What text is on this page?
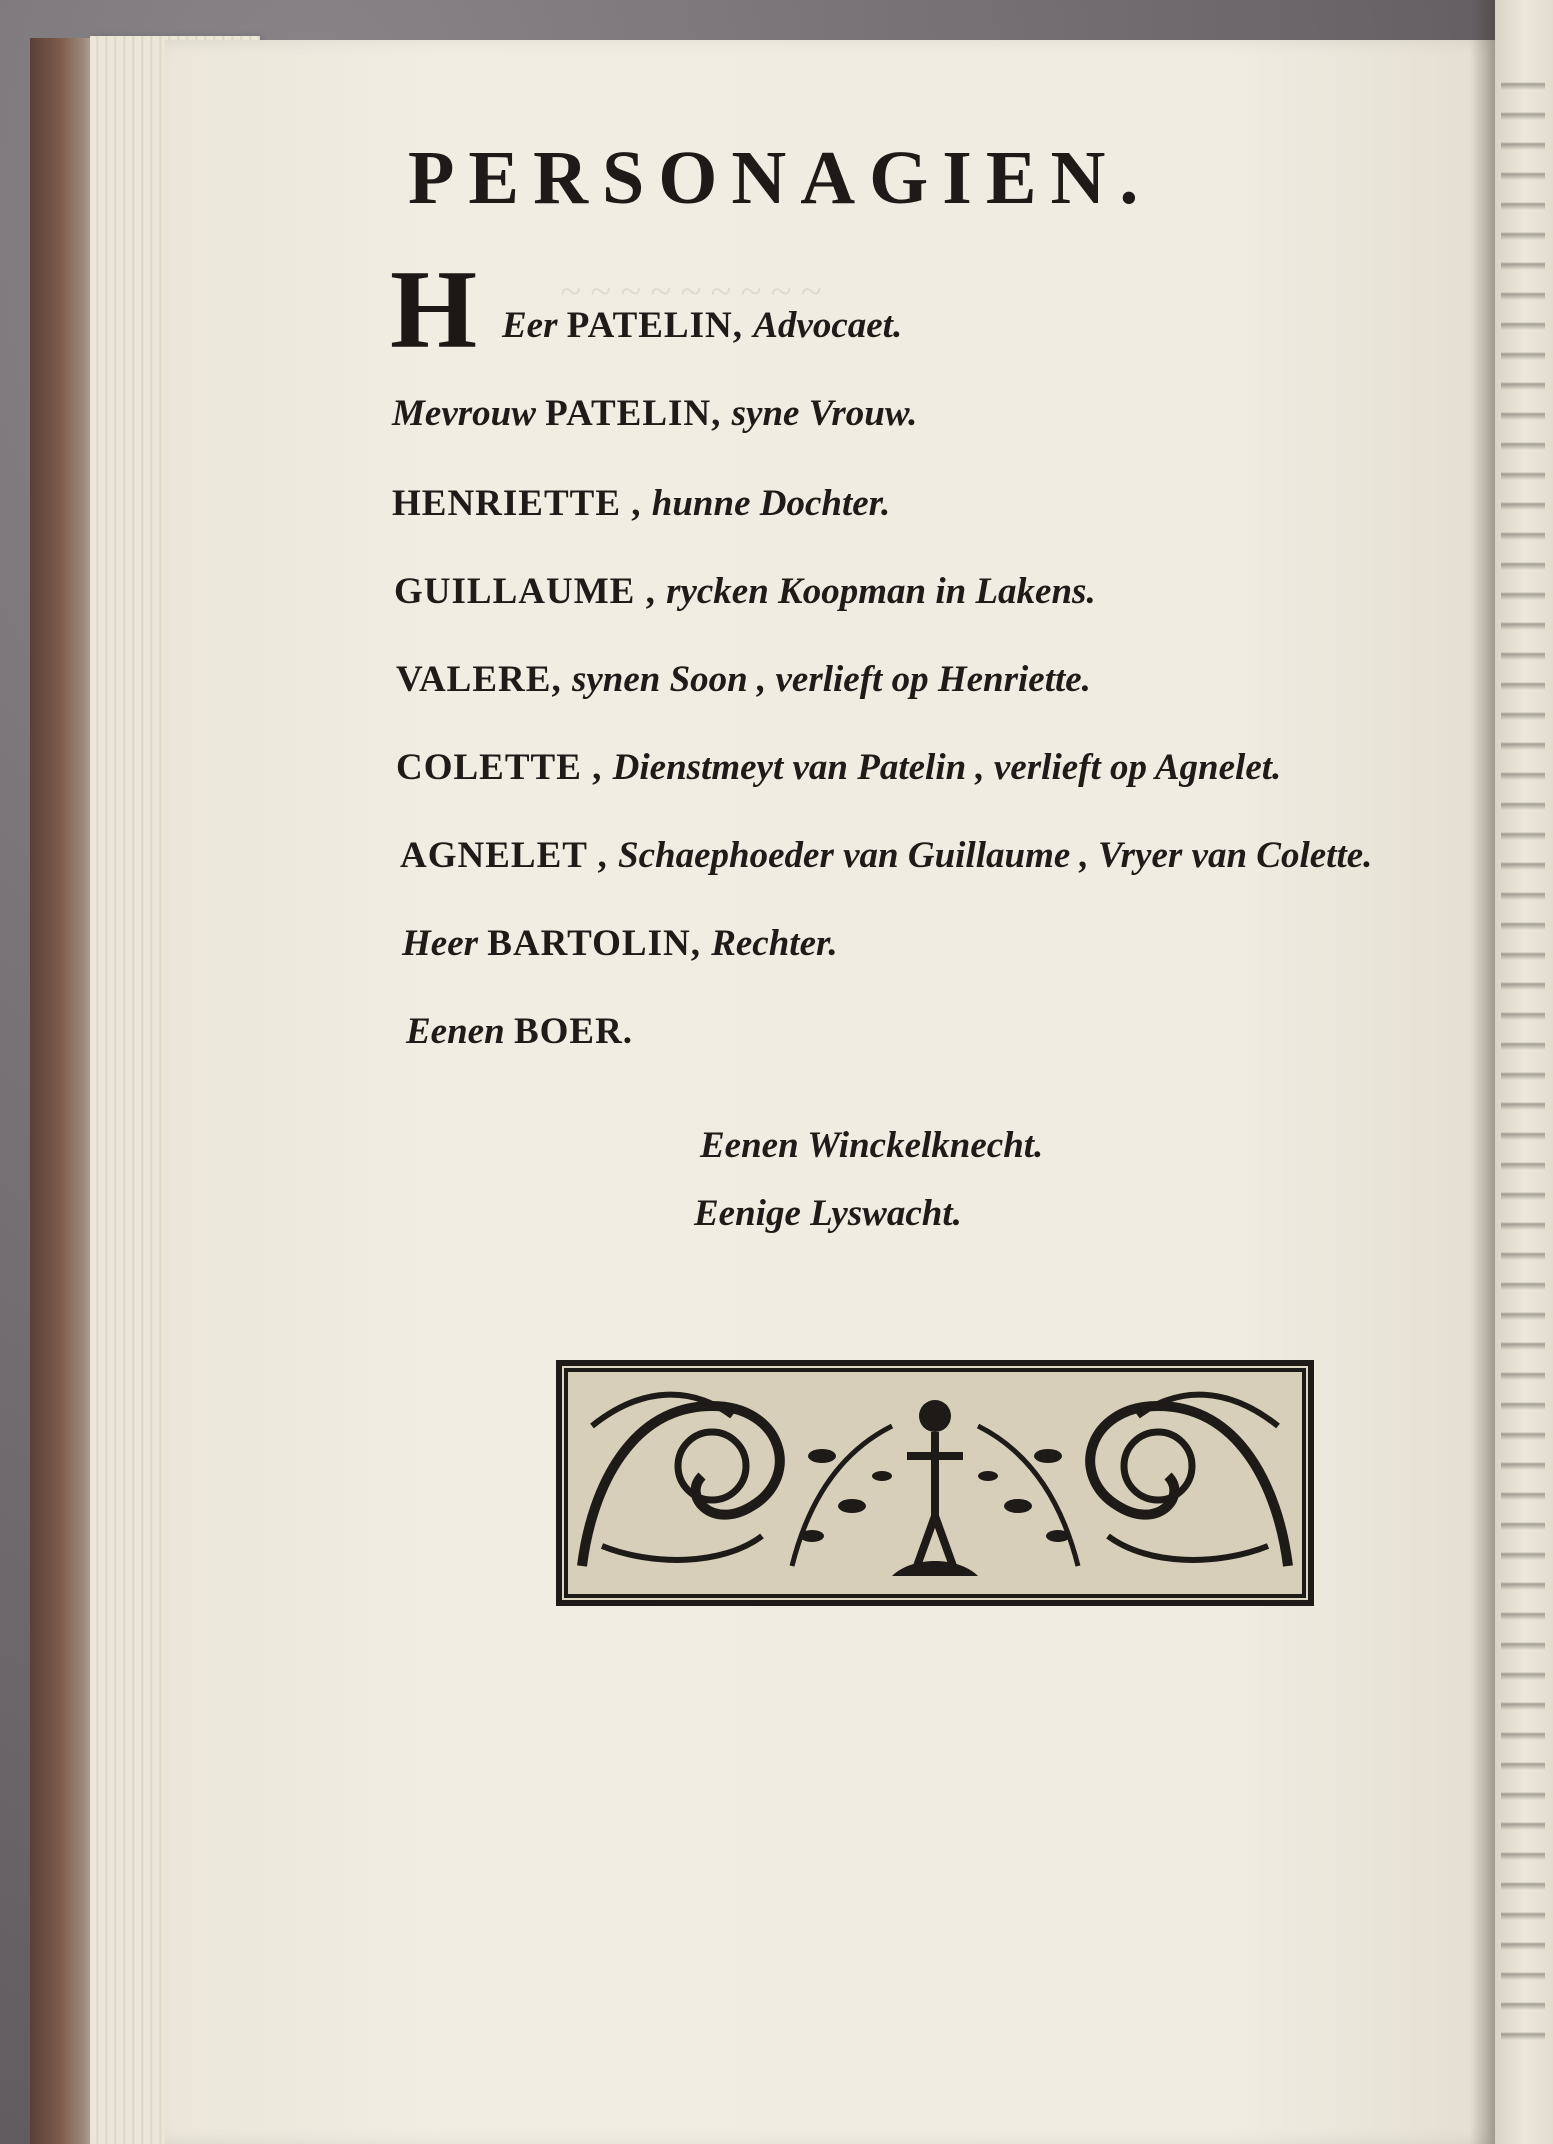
~ ~ ~ ~ ~ ~ ~ ~ ~
PERSONAGIEN.
H Eer PATELIN, Advocaet.
Mevrouw PATELIN, syne Vrouw.
HENRIETTE , hunne Dochter.
GUILLAUME , rycken Koopman in Lakens.
VALERE, synen Soon , verlieft op Henriette.
COLETTE , Dienstmeyt van Patelin , verlieft op Agnelet.
AGNELET , Schaephoeder van Guillaume , Vryer van Colette.
Heer BARTOLIN, Rechter.
Eenen BOER.
Eenen Winckelknecht.
Eenige Lyswacht.
